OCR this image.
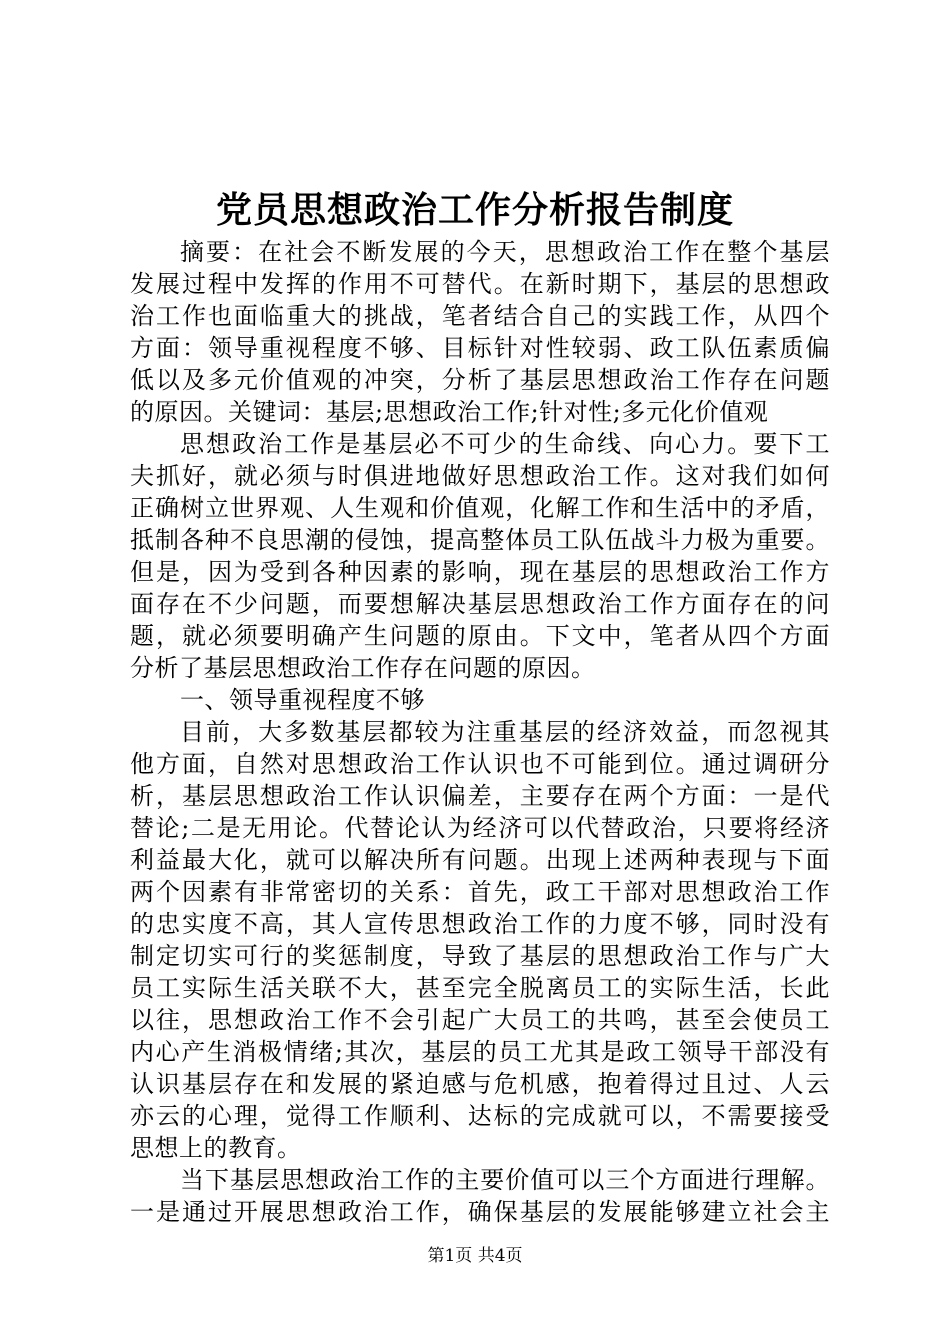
党员思想政治工作分析报告制度
摘要：在社会不断发展的今天，思想政治工作在整个基层
发展过程中发挥的作用不可替代。在新时期下，基层的思想政
治工作也面临重大的挑战，笔者结合自己的实践工作，从四个
方面：领导重视程度不够、目标针对性较弱、政工队伍素质偏
低以及多元价值观的冲突，分析了基层思想政治工作存在问题
的原因。关键词：基层;思想政治工作;针对性;多元化价值观
思想政治工作是基层必不可少的生命线、向心力。要下工
夫抓好，就必须与时俱进地做好思想政治工作。这对我们如何
正确树立世界观、人生观和价值观，化解工作和生活中的矛盾，
抵制各种不良思潮的侵蚀，提高整体员工队伍战斗力极为重要。
但是，因为受到各种因素的影响，现在基层的思想政治工作方
面存在不少问题，而要想解决基层思想政治工作方面存在的问
题，就必须要明确产生问题的原由。下文中，笔者从四个方面
分析了基层思想政治工作存在问题的原因。
一、领导重视程度不够
目前，大多数基层都较为注重基层的经济效益，而忽视其
他方面，自然对思想政治工作认识也不可能到位。通过调研分
析，基层思想政治工作认识偏差，主要存在两个方面：一是代
替论;二是无用论。代替论认为经济可以代替政治，只要将经济
利益最大化，就可以解决所有问题。出现上述两种表现与下面
两个因素有非常密切的关系：首先，政工干部对思想政治工作
的忠实度不高，其人宣传思想政治工作的力度不够，同时没有
制定切实可行的奖惩制度，导致了基层的思想政治工作与广大
员工实际生活关联不大，甚至完全脱离员工的实际生活，长此
以往，思想政治工作不会引起广大员工的共鸣，甚至会使员工
内心产生消极情绪;其次，基层的员工尤其是政工领导干部没有
认识基层存在和发展的紧迫感与危机感，抱着得过且过、人云
亦云的心理，觉得工作顺利、达标的完成就可以，不需要接受
思想上的教育。
当下基层思想政治工作的主要价值可以三个方面进行理解。
一是通过开展思想政治工作，确保基层的发展能够建立社会主
第1页 共4页
